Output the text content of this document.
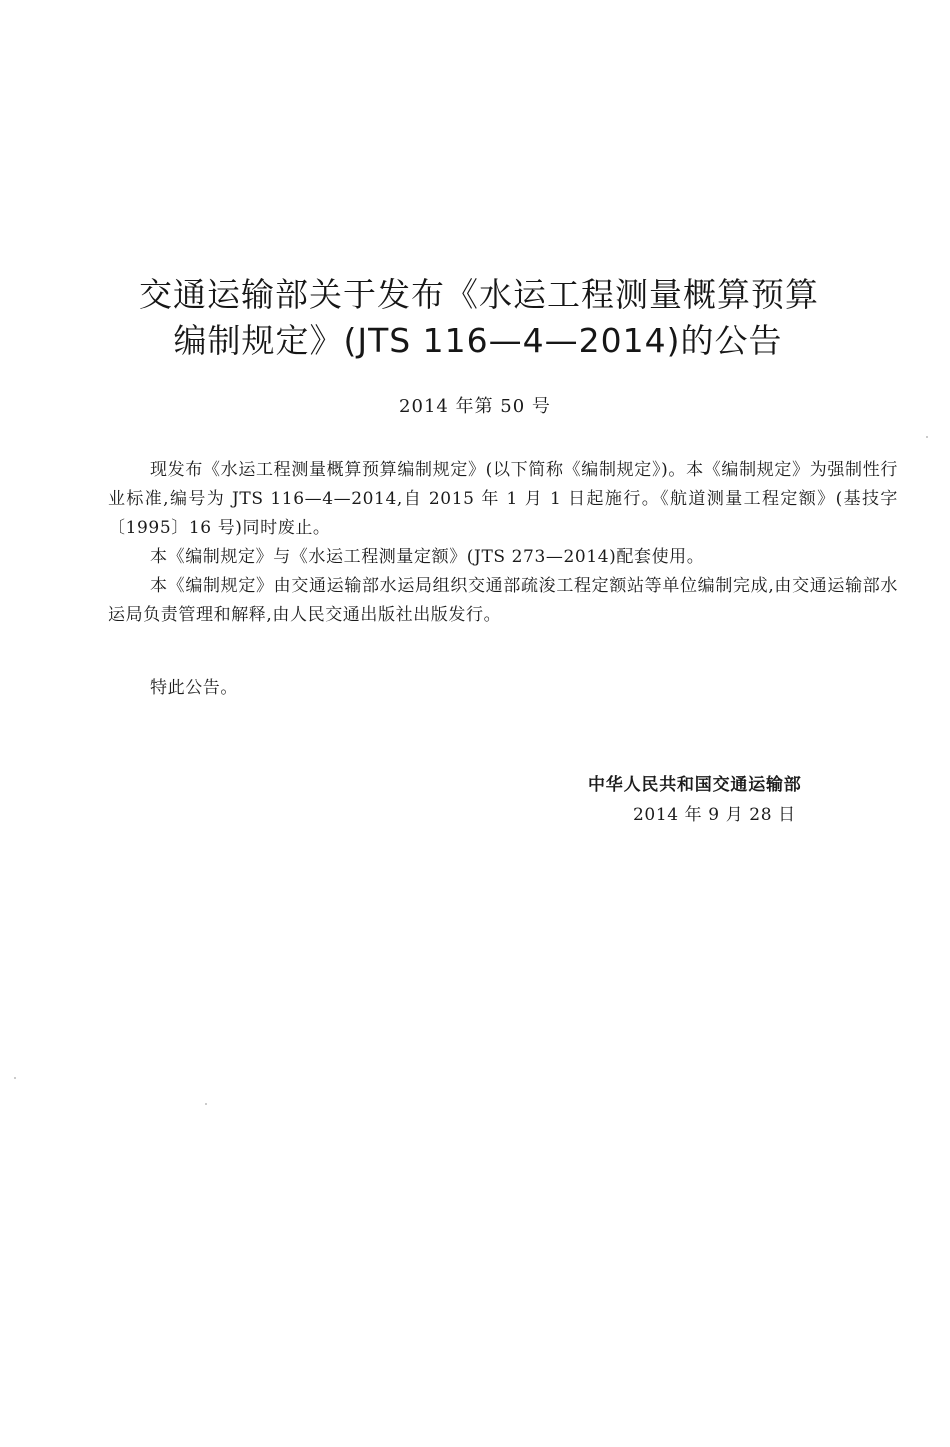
交通运输部关于发布《水运工程测量概算预算
编制规定》(JTS 116—4—2014)的公告
2014 年第 50 号
现发布《水运工程测量概算预算编制规定》(以下简称《编制规定》)。本《编制规定》为强制性行业标准,编号为 JTS 116—4—2014,自 2015 年 1 月 1 日起施行。《航道测量工程定额》(基技字〔1995〕16 号)同时废止。
本《编制规定》与《水运工程测量定额》(JTS 273—2014)配套使用。
本《编制规定》由交通运输部水运局组织交通部疏浚工程定额站等单位编制完成,由交通运输部水运局负责管理和解释,由人民交通出版社出版发行。
特此公告。
中华人民共和国交通运输部
2014 年 9 月 28 日
